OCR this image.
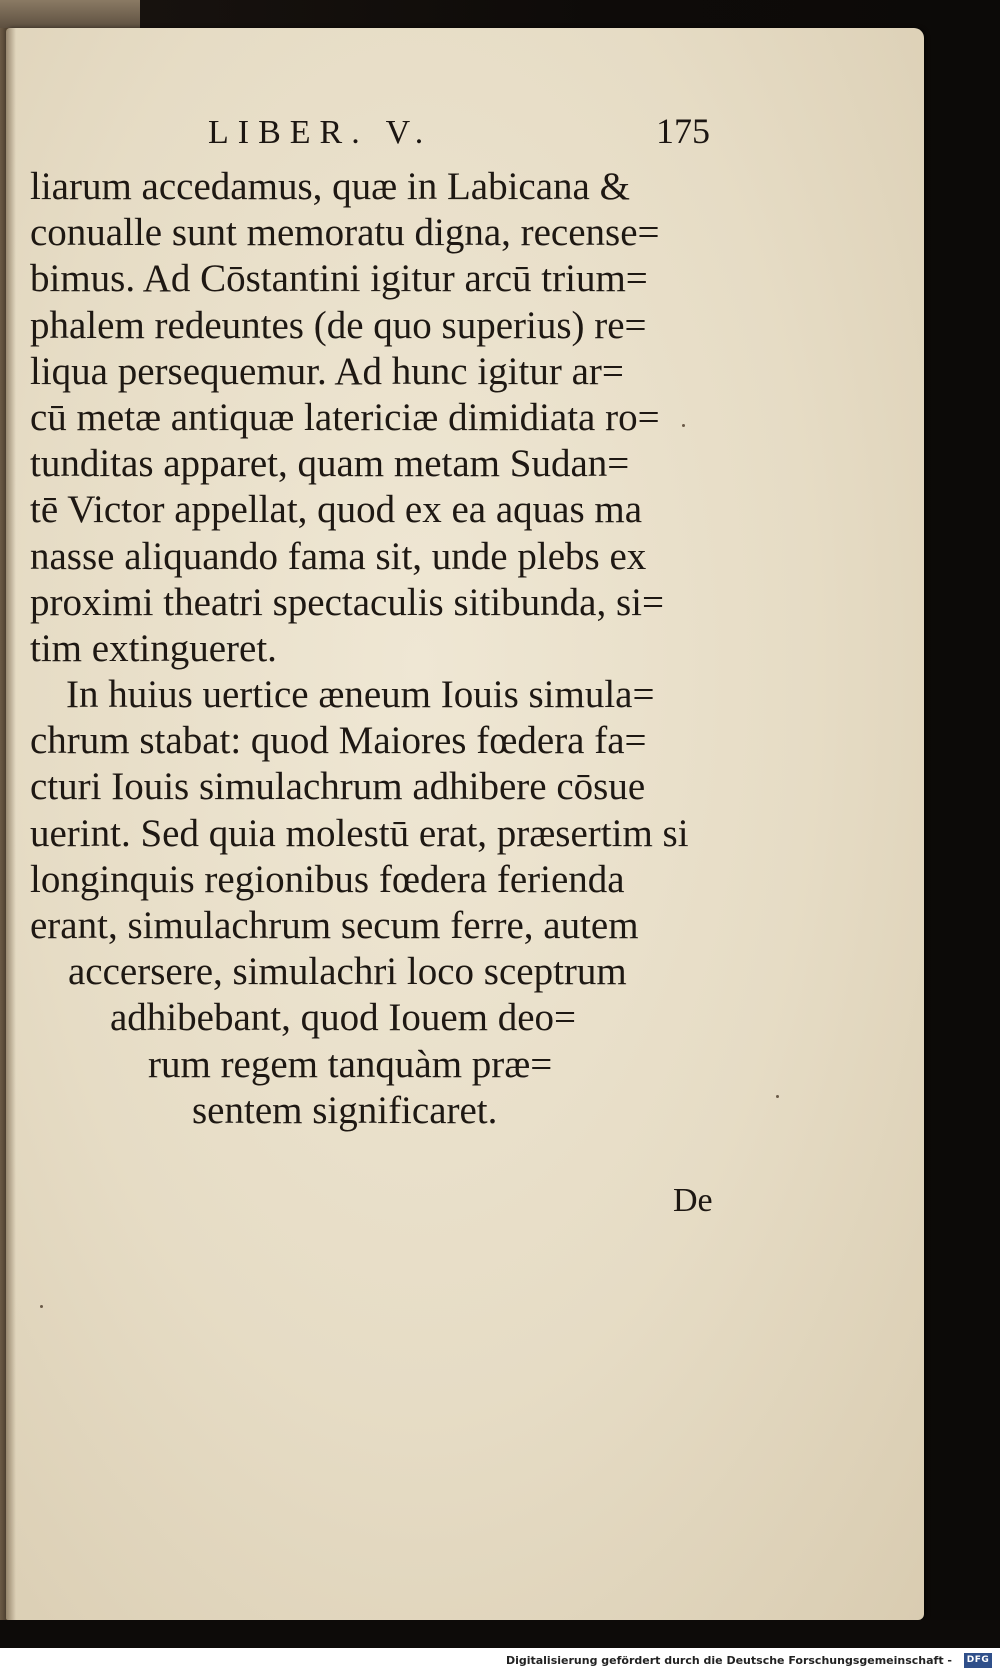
LIBER. V.	175
liarum accedamus, quæ in Labicana &
conualle sunt memoratu digna, recense=
bimus. Ad Cōstantini igitur arcū trium=
phalem redeuntes (de quo superius) re=
liqua persequemur. Ad hunc igitur ar=
cū metæ antiquæ latericiæ dimidiata ro=
tunditas apparet, quam metam Sudan=
tē Victor appellat, quod ex ea aquas ma
nasse aliquando fama sit, unde plebs ex
proximi theatri spectaculis sitibunda, si=
tim extingueret.
In huius uertice æneum Iouis simula=
chrum stabat: quod Maiores fœdera fa=
cturi Iouis simulachrum adhibere cōsue
uerint. Sed quia molestū erat, præsertim si
longinquis regionibus fœdera ferienda
erant, simulachrum secum ferre, autem
accersere, simulachri loco sceptrum
adhibebant, quod Iouem deo=
rum regem tanquàm præ=
sentem significaret.
De
Digitalisierung gefördert durch die Deutsche Forschungsgemeinschaft -	DFG
